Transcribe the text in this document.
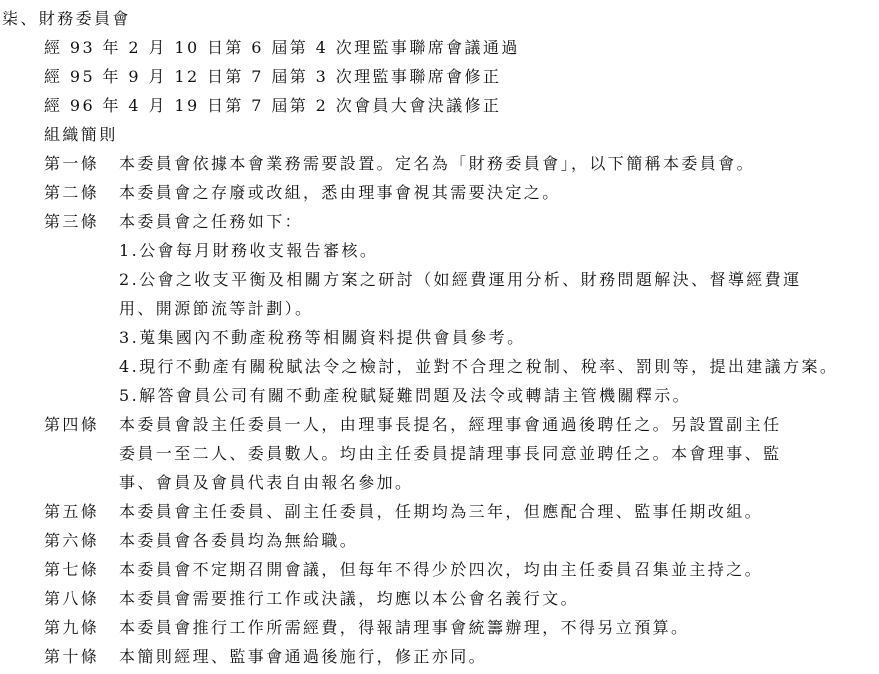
柒、財務委員會
經 93 年 2 月 10 日第 6 屆第 4 次理監事聯席會議通過
經 95 年 9 月 12 日第 7 屆第 3 次理監事聯席會修正
經 96 年 4 月 19 日第 7 屆第 2 次會員大會決議修正
組織簡則
第一條 本委員會依據本會業務需要設置。定名為「財務委員會」，以下簡稱本委員會。
第二條 本委員會之存廢或改組，悉由理事會視其需要決定之。
第三條 本委員會之任務如下：
1.公會每月財務收支報告審核。
2.公會之收支平衡及相關方案之研討（如經費運用分析、財務問題解決、督導經費運
用、開源節流等計劃）。
3.蒐集國內不動產稅務等相關資料提供會員參考。
4.現行不動產有關稅賦法令之檢討，並對不合理之稅制、稅率、罰則等，提出建議方案。
5.解答會員公司有關不動產稅賦疑難問題及法令或轉請主管機關釋示。
第四條 本委員會設主任委員一人，由理事長提名，經理事會通過後聘任之。另設置副主任
委員一至二人、委員數人。均由主任委員提請理事長同意並聘任之。本會理事、監
事、會員及會員代表自由報名參加。
第五條 本委員會主任委員、副主任委員，任期均為三年，但應配合理、監事任期改組。
第六條 本委員會各委員均為無給職。
第七條 本委員會不定期召開會議，但每年不得少於四次，均由主任委員召集並主持之。
第八條 本委員會需要推行工作或決議，均應以本公會名義行文。
第九條 本委員會推行工作所需經費，得報請理事會統籌辦理，不得另立預算。
第十條 本簡則經理、監事會通過後施行，修正亦同。
